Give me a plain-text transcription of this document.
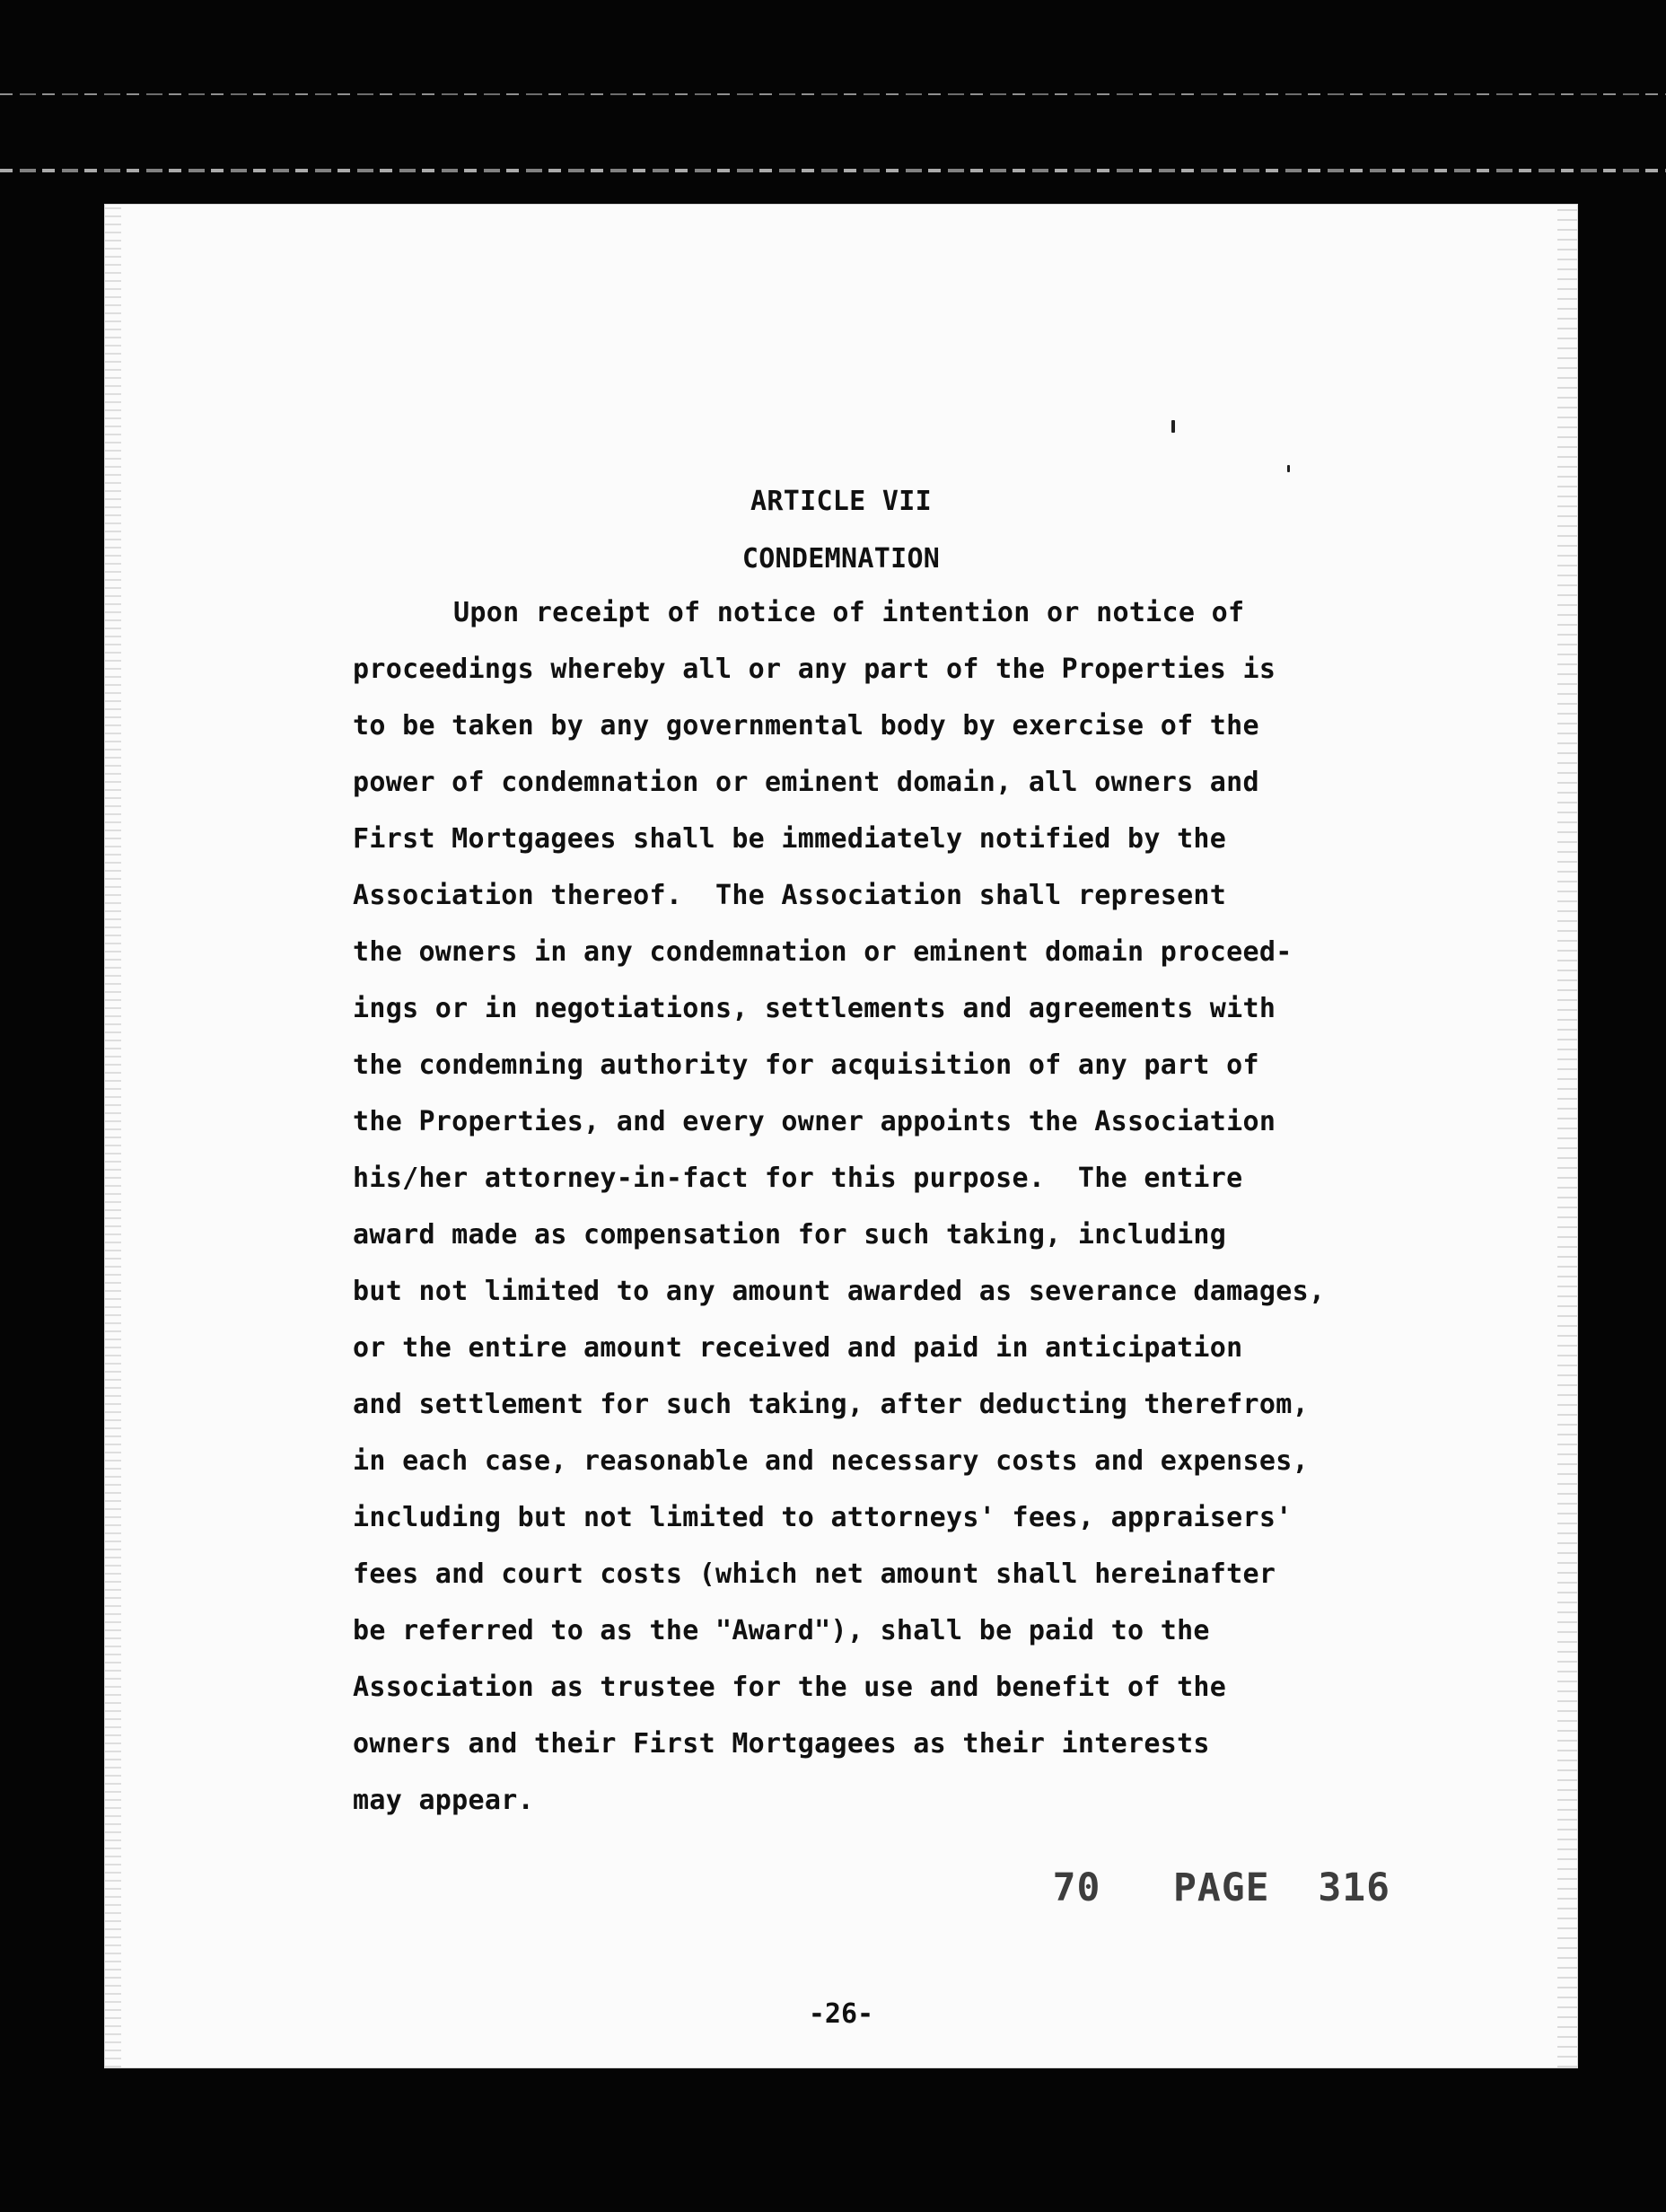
ARTICLE VII
CONDEMNATION
Upon receipt of notice of intention or notice of
proceedings whereby all or any part of the Properties is
to be taken by any governmental body by exercise of the
power of condemnation or eminent domain, all owners and
First Mortgagees shall be immediately notified by the
Association thereof.  The Association shall represent
the owners in any condemnation or eminent domain proceed-
ings or in negotiations, settlements and agreements with
the condemning authority for acquisition of any part of
the Properties, and every owner appoints the Association
his/her attorney-in-fact for this purpose.  The entire
award made as compensation for such taking, including
but not limited to any amount awarded as severance damages,
or the entire amount received and paid in anticipation
and settlement for such taking, after deducting therefrom,
in each case, reasonable and necessary costs and expenses,
including but not limited to attorneys' fees, appraisers'
fees and court costs (which net amount shall hereinafter
be referred to as the "Award"), shall be paid to the
Association as trustee for the use and benefit of the
owners and their First Mortgagees as their interests
may appear.
70   PAGE  316
-26-
